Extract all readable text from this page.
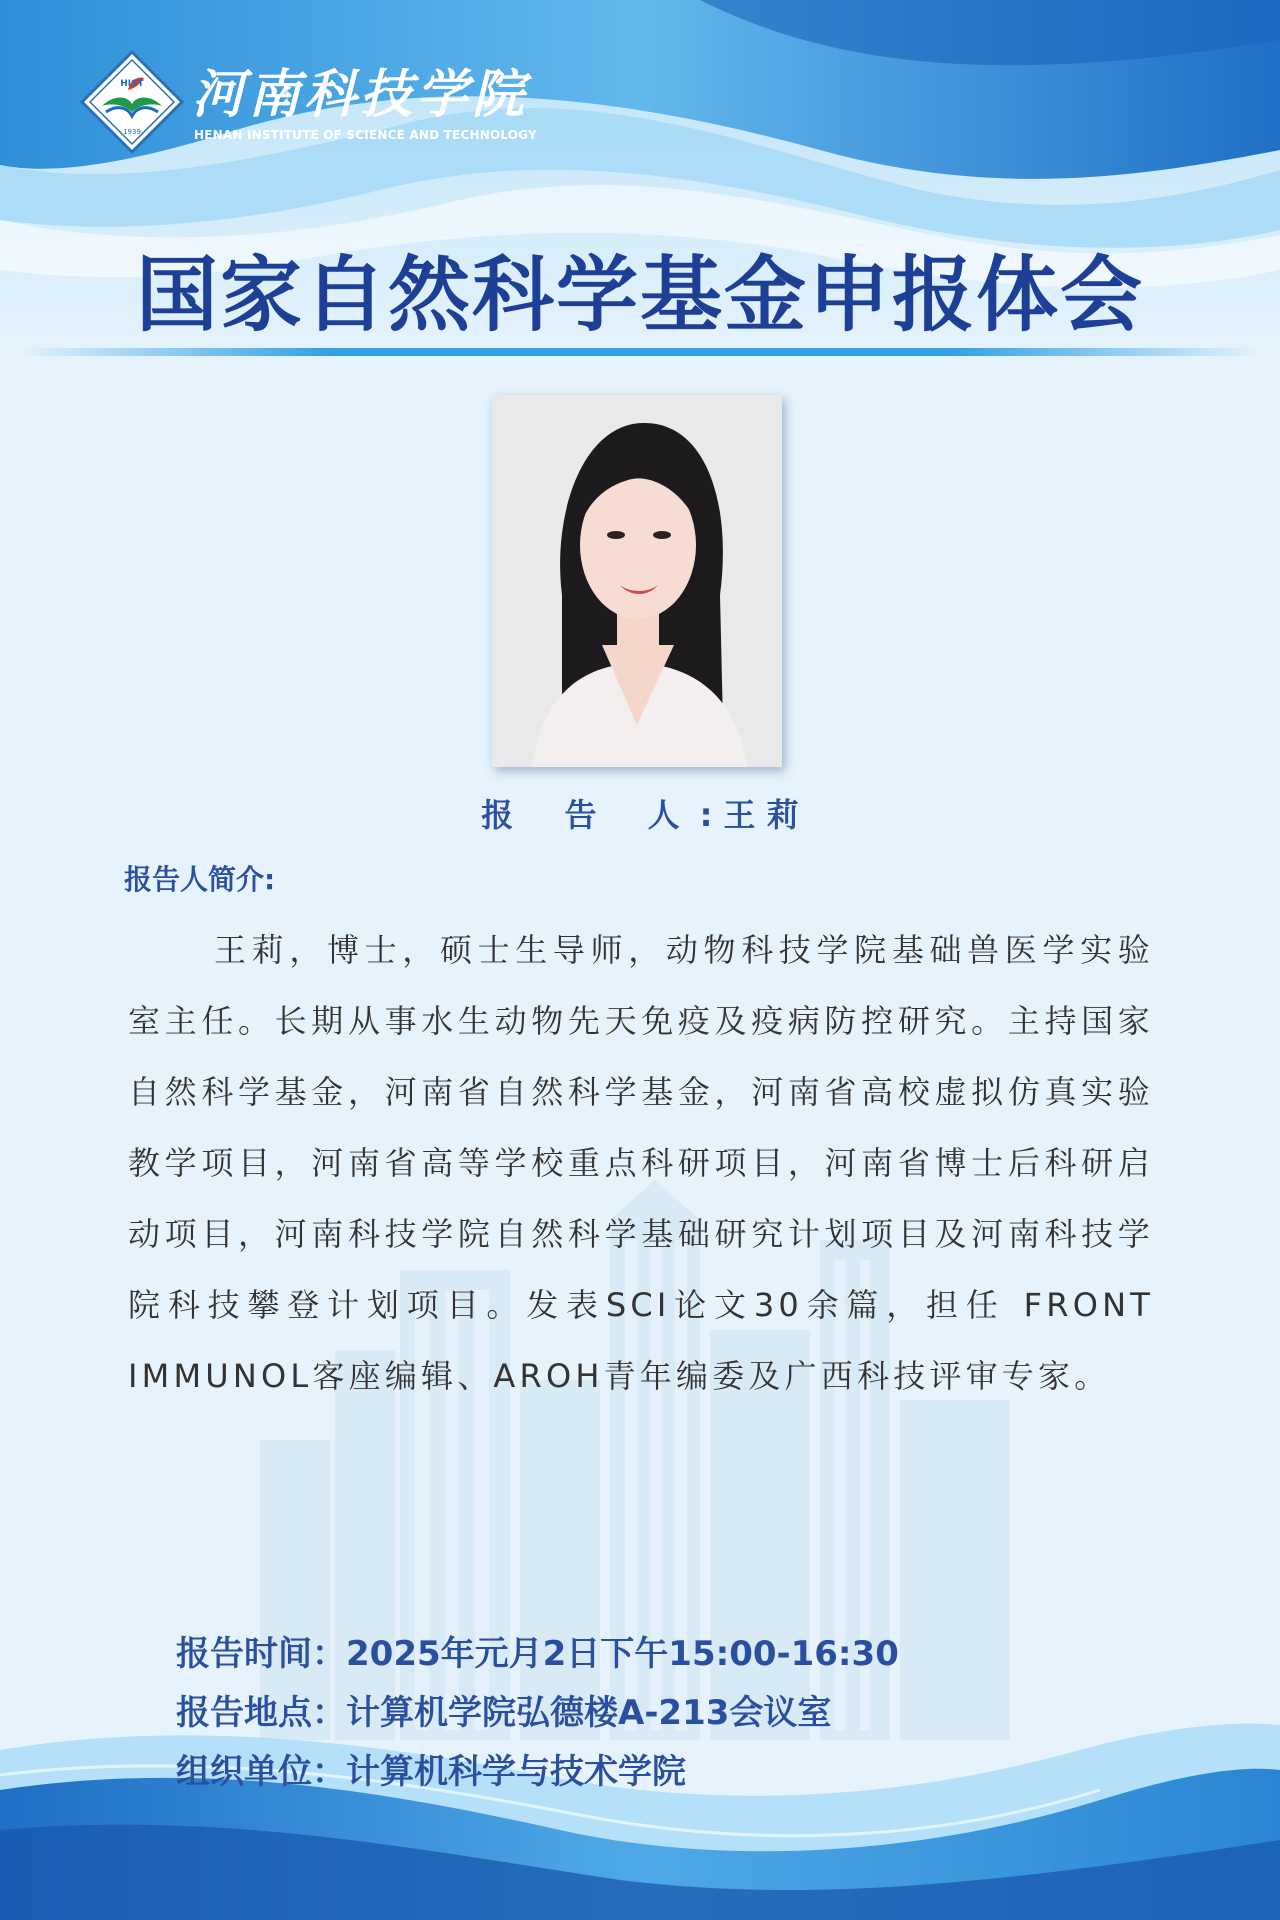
HIST
1939
河南科技学院
HENAN INSTITUTE OF SCIENCE AND TECHNOLOGY
国家自然科学基金申报体会
报 告 人: 王 莉
报告人简介:
王莉，博士，硕士生导师，动物科技学院基础兽医学实验室主任。长期从事水生动物先天免疫及疫病防控研究。主持国家自然科学基金，河南省自然科学基金，河南省高校虚拟仿真实验教学项目，河南省高等学校重点科研项目，河南省博士后科研启动项目，河南科技学院自然科学基础研究计划项目及河南科技学院科技攀登计划项目。发表SCI论文30余篇，担任 FRONT IMMUNOL客座编辑、AROH青年编委及广西科技评审专家。
报告时间：2025年元月2日下午15:00-16:30
报告地点：计算机学院弘德楼A-213会议室
组织单位：计算机科学与技术学院
